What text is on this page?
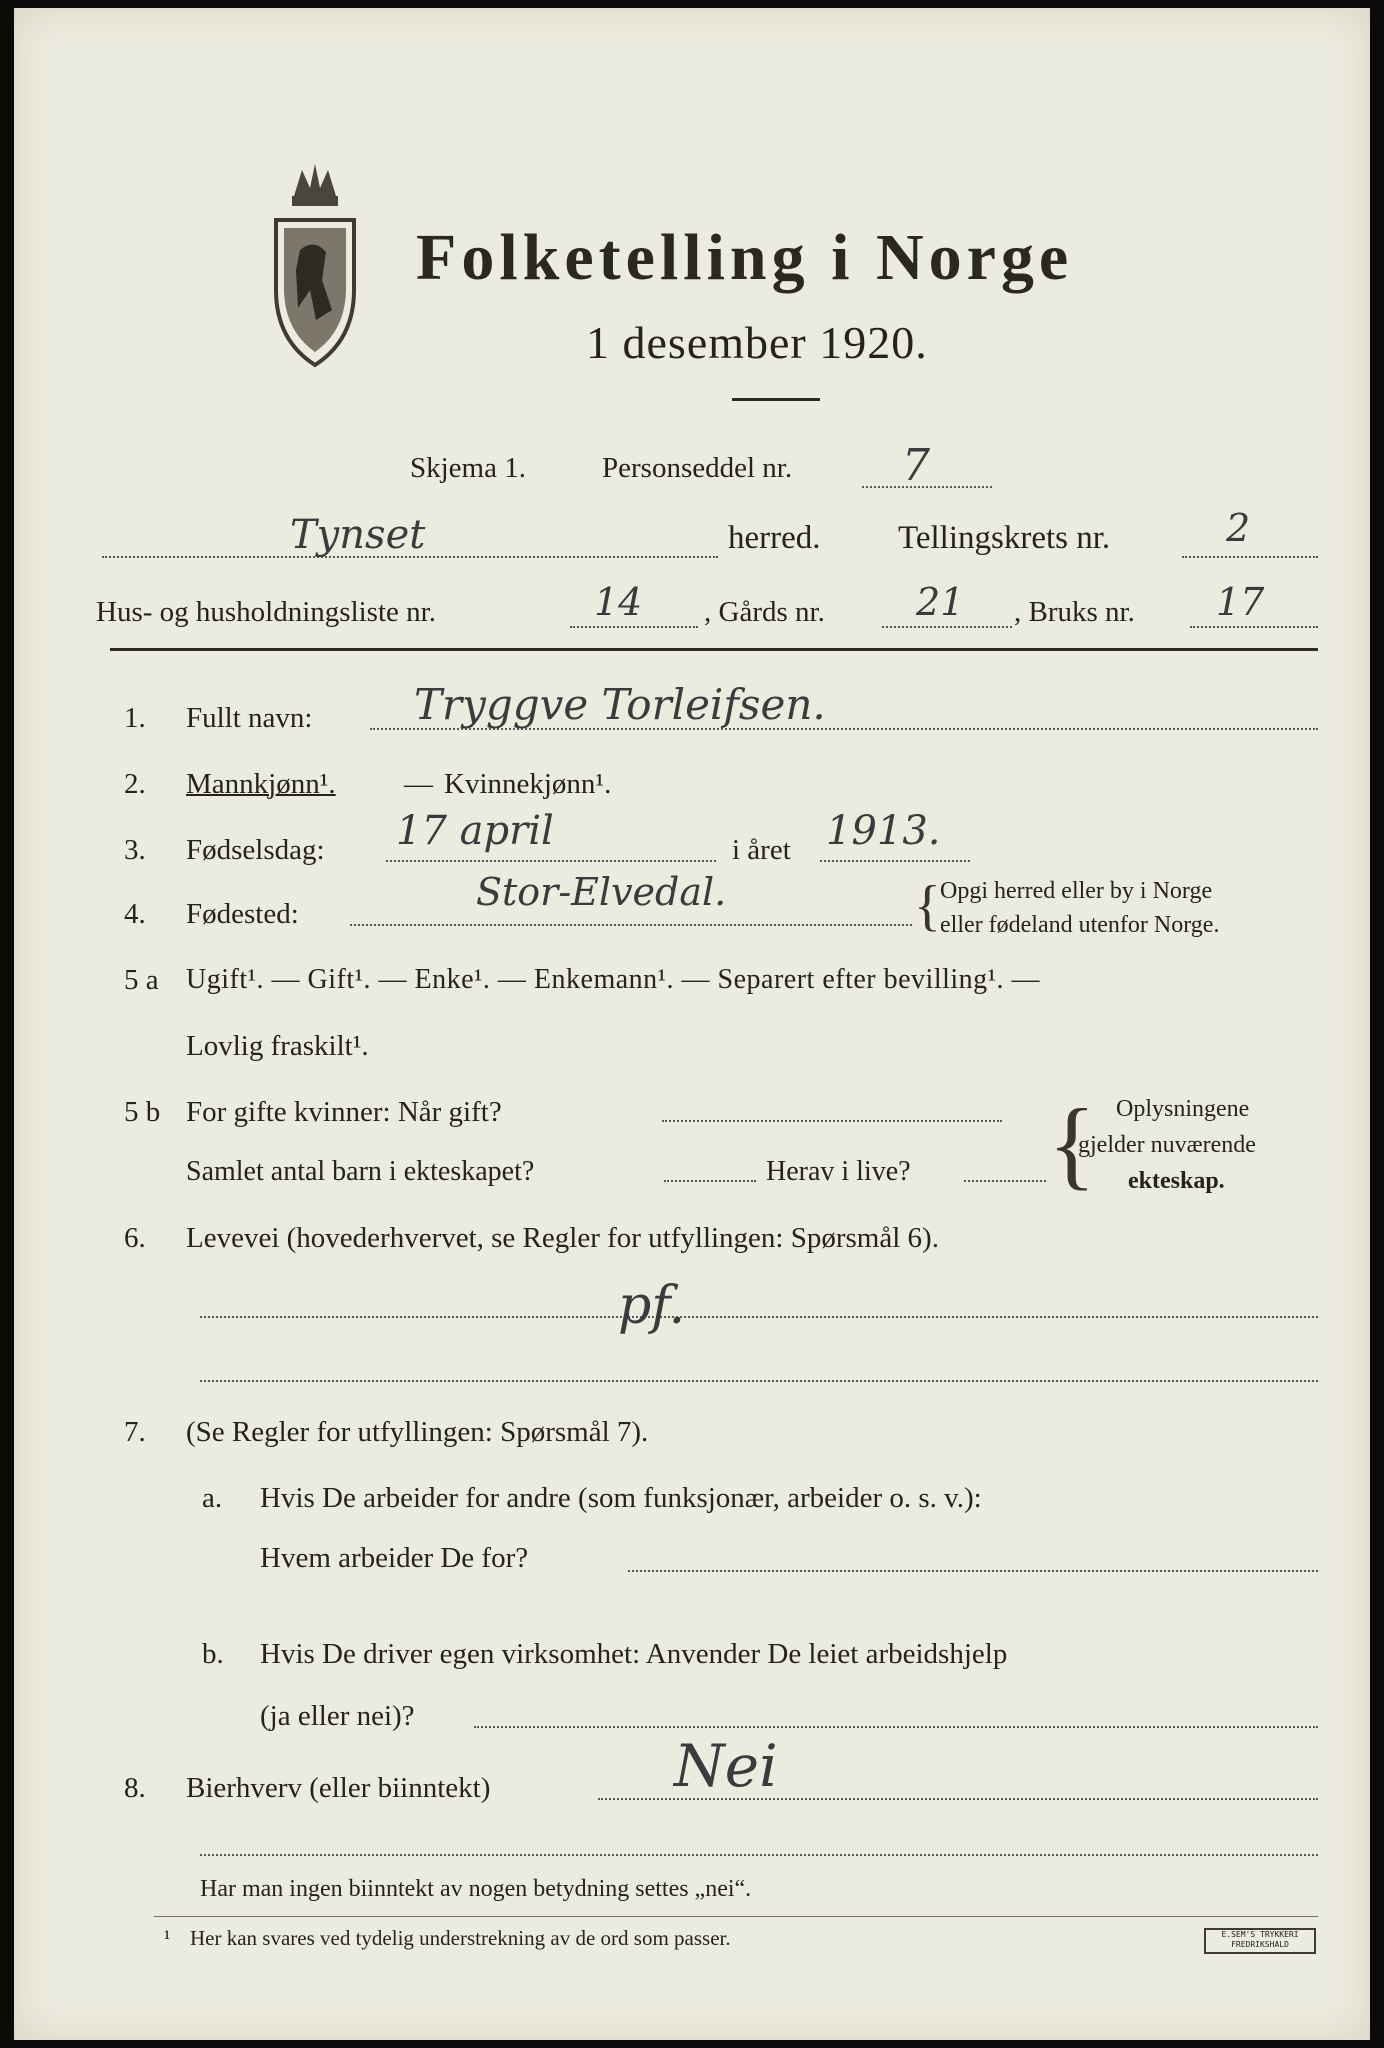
Folketelling i Norge
1 desember 1920.
Skjema 1.	Personseddel nr. 7
Tynset	herred. Tellingskrets nr.	2
Hus- og husholdningsliste nr.	14 , Gårds nr. 21 , Bruks nr. 17
1. Fullt navn: Tryggve Torleifsen.
2. Mannkjønn¹. — Kvinnekjønn¹.
3. Fødselsdag: 17 april	i året 1913.
4. Fødested:	Stor-Elvedal.	{ Opgi herred eller by i Norge
eller fødeland utenfor Norge.
5 a Ugift¹. — Gift¹. — Enke¹. — Enkemann¹. — Separert efter bevilling¹. —
Lovlig fraskilt¹.
5 b For gifte kvinner: Når gift?
Samlet antal barn i ekteskapet?	Herav i live? { Oplysningene
gjelder nuværende
ekteskap.
6. Levevei (hovederhvervet, se Regler for utfyllingen: Spørsmål 6).
pf.
7. (Se Regler for utfyllingen: Spørsmål 7).
a. Hvis De arbeider for andre (som funksjonær, arbeider o. s. v.):
Hvem arbeider De for?
b. Hvis De driver egen virksomhet: Anvender De leiet arbeidshjelp
(ja eller nei)?
8. Bierhverv (eller biinntekt)	Nei
Har man ingen biinntekt av nogen betydning settes „nei“.
¹ Her kan svares ved tydelig understrekning av de ord som passer.	E.SEM'S TRYKKERI FREDRIKSHALD
